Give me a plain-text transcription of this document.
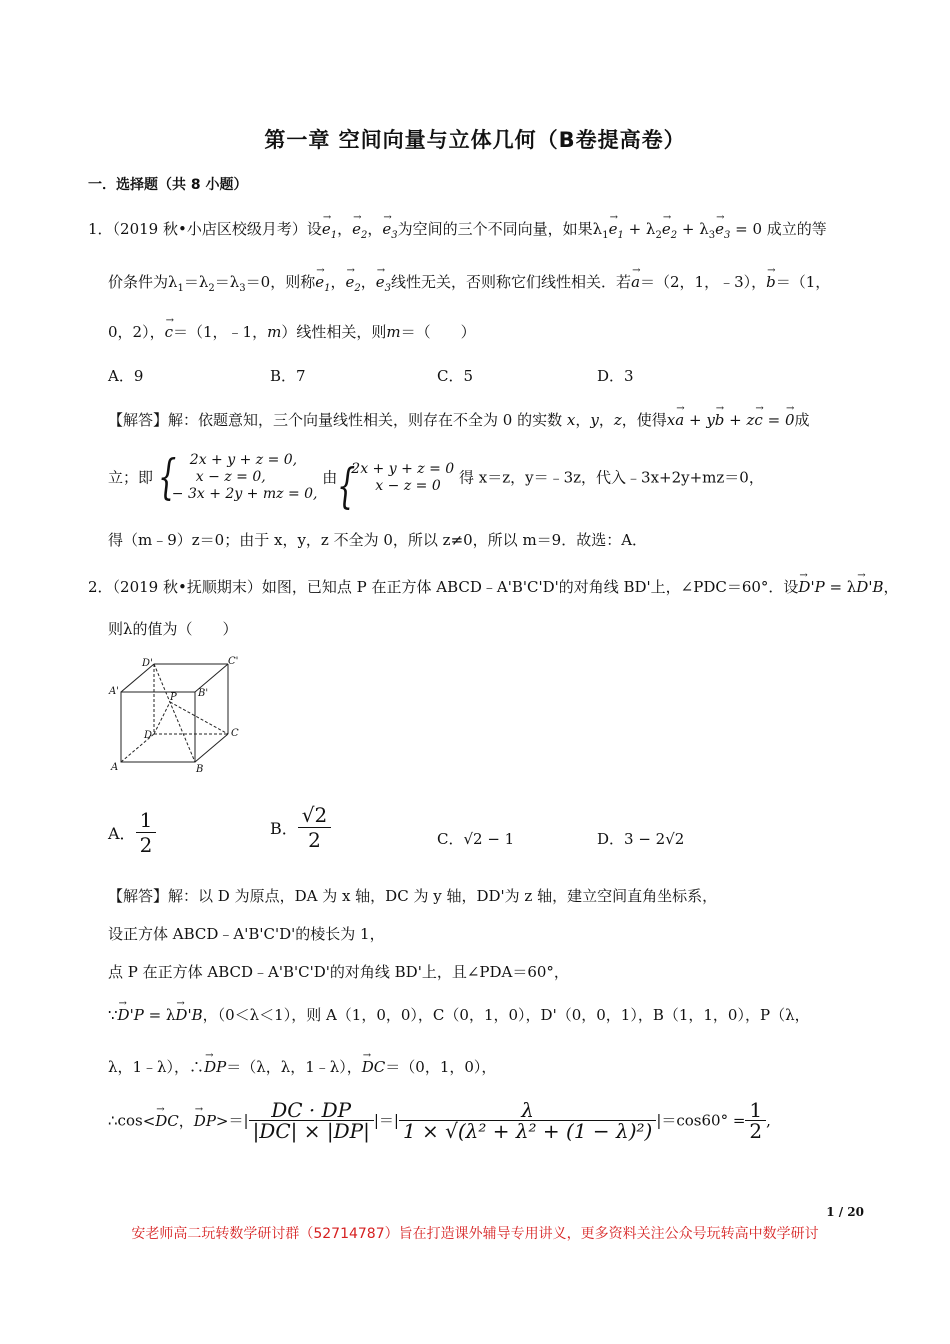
第一章 空间向量与立体几何（B卷提高卷）
一．选择题（共 8 小题）
1．（2019 秋•小店区校级月考）设→ $e_1$，→ $e_2$，→ $e_3$为空间的三个不同向量，如果$\lambda_1\to e_1 + \lambda_2\to e_2 + \lambda_3\to e_3 = 0$ 成立的等
价条件为$\lambda_1=\lambda_2=\lambda_3=0$，则称→ $e_1$，→ $e_2$，→ $e_3$线性无关，否则称它们线性相关．若→ a＝（2，1，﹣3），→ b＝（1，
0，2），→ c＝（1，﹣1，m）线性相关，则m＝（　　）
A．9	B．7	C．5	D．3
【解答】解：依题意知，三个向量线性相关，则存在不全为 0 的实数 x，y，z，使得x→ a + y→ b + z→ c = → 0成
立；即
{ 2x + y + z = 0,
x − z = 0,
− 3x + 2y + mz = 0,
由
{ 2x + y + z = 0
x − z = 0	得 x＝z，y＝﹣3z，代入﹣3x+2y+mz＝0，
得（m﹣9）z＝0；由于 x，y，z 不全为 0，所以 z≠0，所以 m＝9．故选：A．
2．（2019 秋•抚顺期末）如图，已知点 P 在正方体 ABCD﹣A'B'C'D'的对角线 BD'上，∠PDC＝60°．设→ D'P = λ→ D'B，
则λ的值为（　　）
D'	C'
A'
P B'
D	C
A	B
A． $\frac{1}{2}$	B． $\frac{√2}{2}$	C．√2 − 1	D．3 − 2√2
【解答】解：以 D 为原点，DA 为 x 轴，DC 为 y 轴，DD'为 z 轴，建立空间直角坐标系，
设正方体 ABCD﹣A'B'C'D'的棱长为 1，
点 P 在正方体 ABCD﹣A'B'C'D'的对角线 BD'上，且∠PDA＝60°，
∵→ D'P = λ→ D'B，（0＜λ＜1），则 A（1，0，0），C（0，1，0），D'（0，0，1），B（1，1，0），P（λ，
λ，1﹣λ），∴→ DP＝（λ，λ，1﹣λ），→ DC＝（0，1，0），
∴cos<→ DC，→ $DP>=| \frac{DC \cdot DP}{|DC| \times |DP|}$ |＝| $\frac{\lambda}{\text{1 × √(λ² + λ² + (1 − λ)²)}} |=\cos 60^\circ = \frac{1}{2}$ ,
1 / 20
安老师高二玩转数学研讨群（52714787）旨在打造课外辅导专用讲义，更多资料关注公众号玩转高中数学研讨
